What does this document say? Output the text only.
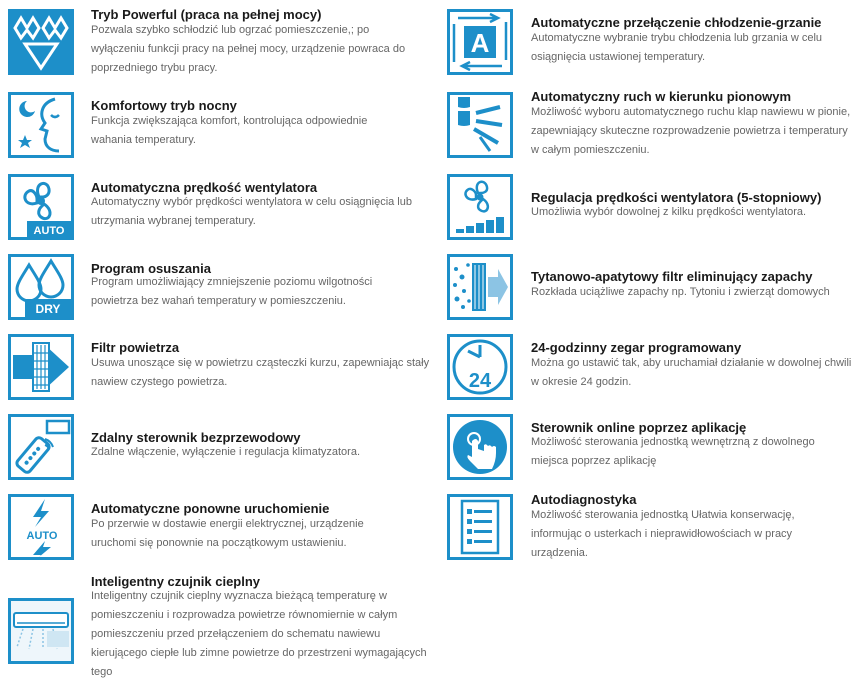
Tryb Powerful (praca na pełnej mocy)
Pozwala szybko schłodzić lub ogrzać pomieszczenie,; po wyłączeniu funkcji pracy na pełnej mocy, urządzenie powraca do poprzedniego trybu pracy.
Komfortowy tryb nocny
Funkcja zwiększająca komfort, kontrolująca odpowiednie wahania temperatury.
AUTO
Automatyczna prędkość wentylatora
Automatyczny wybór prędkości wentylatora w celu osiągnięcia lub utrzymania wybranej temperatury.
DRY
Program osuszania
Program umożliwiający zmniejszenie poziomu wilgotności powietrza bez wahań temperatury w pomieszczeniu.
Filtr powietrza
Usuwa unoszące się w powietrzu cząsteczki kurzu, zapewniając stały nawiew czystego powietrza.
Zdalny sterownik bezprzewodowy
Zdalne włączenie, wyłączenie i regulacja klimatyzatora.
AUTO
Automatyczne ponowne uruchomienie
Po przerwie w dostawie energii elektrycznej, urządzenie uruchomi się ponownie na początkowym ustawieniu.
Inteligentny czujnik cieplny
Inteligentny czujnik cieplny wyznacza bieżącą temperaturę w pomieszczeniu i rozprowadza powietrze równomiernie w całym pomieszczeniu przed przełączeniem do schematu nawiewu kierującego ciepłe lub zimne powietrze do przestrzeni wymagających tego
A
Automatyczne przełączenie chłodzenie-grzanie
Automatyczne wybranie trybu chłodzenia lub grzania w celu osiągnięcia ustawionej temperatury.
Automatyczny ruch w kierunku pionowym
Możliwość wyboru automatycznego ruchu klap nawiewu w pionie, zapewniający skuteczne rozprowadzenie powietrza i temperatury w całym pomieszczeniu.
Regulacja prędkości wentylatora (5-stopniowy)
Umożliwia wybór dowolnej z kilku prędkości wentylatora.
Tytanowo-apatytowy filtr eliminujący zapachy
Rozkłada uciążliwe zapachy np. Tytoniu i zwierząt domowych
24
24-godzinny zegar programowany
Można go ustawić tak, aby uruchamiał działanie w dowolnej chwili w okresie 24 godzin.
Sterownik online poprzez aplikację
Możliwość sterowania jednostką wewnętrzną z dowolnego miejsca poprzez aplikację
Autodiagnostyka
Możliwość sterowania jednostką Ułatwia konserwację, informując o usterkach i nieprawidłowościach w pracy urządzenia.
